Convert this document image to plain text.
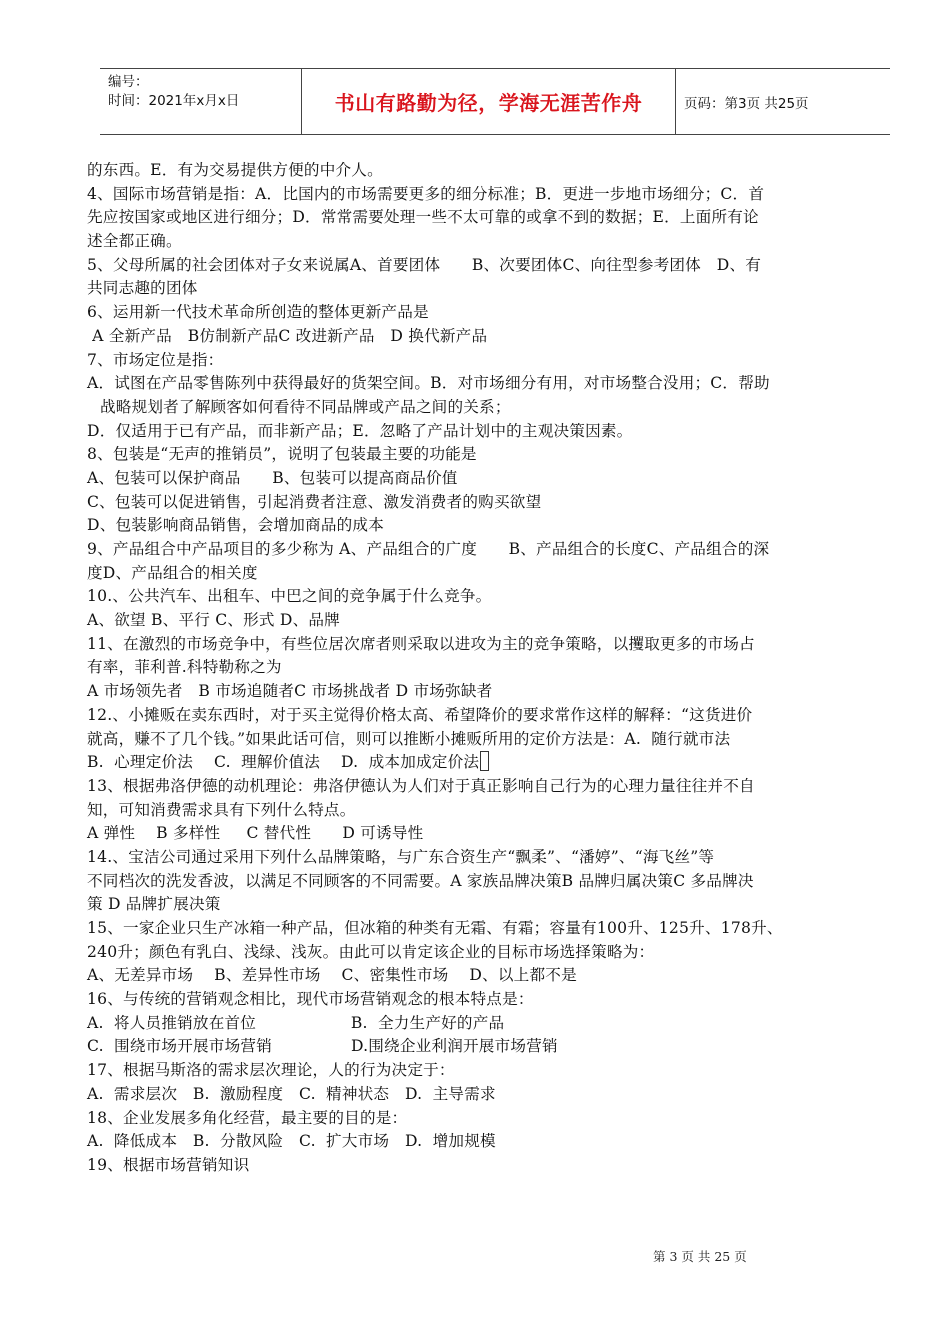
编号：
时间：2021年x月x日	书山有路勤为径，学海无涯苦作舟	页码：第3页 共25页
的东西。E．有为交易提供方便的中介人。
4、国际市场营销是指：A．比国内的市场需要更多的细分标准；B．更进一步地市场细分；C．首
先应按国家或地区进行细分；D．常常需要处理一些不太可靠的或拿不到的数据；E．上面所有论
述全都正确。
5、父母所属的社会团体对子女来说属A、首要团体　　B、次要团体C、向往型参考团体　D、有
共同志趣的团体
6、运用新一代技术革命所创造的整体更新产品是
A 全新产品　B仿制新产品C 改进新产品　D 换代新产品
7、市场定位是指：
A．试图在产品零售陈列中获得最好的货架空间。B．对市场细分有用，对市场整合没用；C．帮助
战略规划者了解顾客如何看待不同品牌或产品之间的关系；
D．仅适用于已有产品，而非新产品；E．忽略了产品计划中的主观决策因素。
8、包装是“无声的推销员”，说明了包装最主要的功能是
A、包装可以保护商品　　B、包装可以提高商品价值
C、包装可以促进销售，引起消费者注意、激发消费者的购买欲望
D、包装影响商品销售，会增加商品的成本
9、产品组合中产品项目的多少称为 A、产品组合的广度　　B、产品组合的长度C、产品组合的深
度D、产品组合的相关度
10.、公共汽车、出租车、中巴之间的竞争属于什么竞争。
A、欲望 B、平行 C、形式 D、品牌
11、在激烈的市场竞争中，有些位居次席者则采取以进攻为主的竞争策略，以攫取更多的市场占
有率，菲利普.科特勒称之为
A 市场领先者　B 市场追随者C 市场挑战者 D 市场弥缺者
12.、小摊贩在卖东西时，对于买主觉得价格太高、希望降价的要求常作这样的解释：“这货进价
就高，赚不了几个钱。”如果此话可信，则可以推断小摊贩所用的定价方法是：A.  随行就市法
B.  心理定价法　 C.  理解价值法　 D.  成本加成定价法
13、根据弗洛伊德的动机理论：弗洛伊德认为人们对于真正影响自己行为的心理力量往往并不自
知，可知消费需求具有下列什么特点。
A 弹性　 B 多样性　  C 替代性　   D 可诱导性
14.、宝洁公司通过采用下列什么品牌策略，与广东合资生产“飘柔”、“潘婷”、“海飞丝”等
不同档次的洗发香波，以满足不同顾客的不同需要。A 家族品牌决策B 品牌归属决策C 多品牌决
策 D 品牌扩展决策
15、一家企业只生产冰箱一种产品，但冰箱的种类有无霜、有霜；容量有100升、125升、178升、
240升；颜色有乳白、浅绿、浅灰。由此可以肯定该企业的目标市场选择策略为：
A、无差异市场　 B、差异性市场　 C、密集性市场　 D、以上都不是
16、与传统的营销观念相比，现代市场营销观念的根本特点是：
A.  将人员推销放在首位　　　　　　B.  全力生产好的产品
C.  围绕市场开展市场营销　　　　　D.围绕企业利润开展市场营销
17、根据马斯洛的需求层次理论，人的行为决定于：
A.  需求层次　B.  激励程度　C.  精神状态　D.  主导需求
18、企业发展多角化经营，最主要的目的是：
A.  降低成本　B.  分散风险　C.  扩大市场　D.  增加规模
19、根据市场营销知识
第 3 页 共 25 页
